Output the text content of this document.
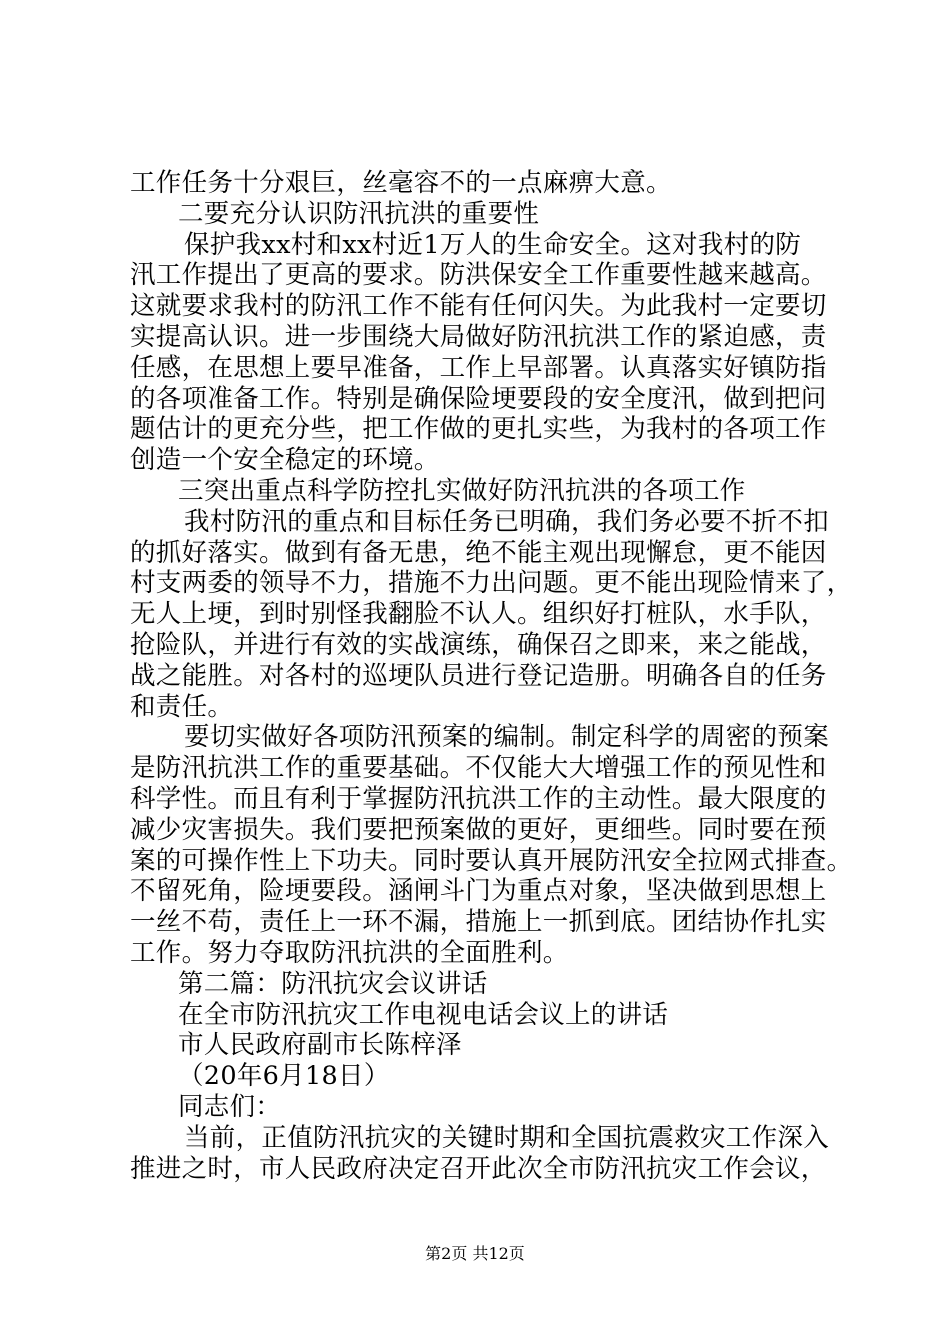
工作任务十分艰巨，丝毫容不的一点麻痹大意。
二要充分认识防汛抗洪的重要性
保护我xx村和xx村近1万人的生命安全。这对我村的防
汛工作提出了更高的要求。防洪保安全工作重要性越来越高。
这就要求我村的防汛工作不能有任何闪失。为此我村一定要切
实提高认识。进一步围绕大局做好防汛抗洪工作的紧迫感，责
任感，在思想上要早准备，工作上早部署。认真落实好镇防指
的各项准备工作。特别是确保险埂要段的安全度汛，做到把问
题估计的更充分些，把工作做的更扎实些，为我村的各项工作
创造一个安全稳定的环境。
三突出重点科学防控扎实做好防汛抗洪的各项工作
我村防汛的重点和目标任务已明确，我们务必要不折不扣
的抓好落实。做到有备无患，绝不能主观出现懈怠，更不能因
村支两委的领导不力，措施不力出问题。更不能出现险情来了，
无人上埂，到时别怪我翻脸不认人。组织好打桩队，水手队，
抢险队，并进行有效的实战演练，确保召之即来，来之能战，
战之能胜。对各村的巡埂队员进行登记造册。明确各自的任务
和责任。
要切实做好各项防汛预案的编制。制定科学的周密的预案
是防汛抗洪工作的重要基础。不仅能大大增强工作的预见性和
科学性。而且有利于掌握防汛抗洪工作的主动性。最大限度的
减少灾害损失。我们要把预案做的更好，更细些。同时要在预
案的可操作性上下功夫。同时要认真开展防汛安全拉网式排查。
不留死角，险埂要段。涵闸斗门为重点对象，坚决做到思想上
一丝不苟，责任上一环不漏，措施上一抓到底。团结协作扎实
工作。努力夺取防汛抗洪的全面胜利。
第二篇：防汛抗灾会议讲话
在全市防汛抗灾工作电视电话会议上的讲话
市人民政府副市长陈梓泽
（20年6月18日）
同志们：
当前，正值防汛抗灾的关键时期和全国抗震救灾工作深入
推进之时，市人民政府决定召开此次全市防汛抗灾工作会议，
第2页 共12页
